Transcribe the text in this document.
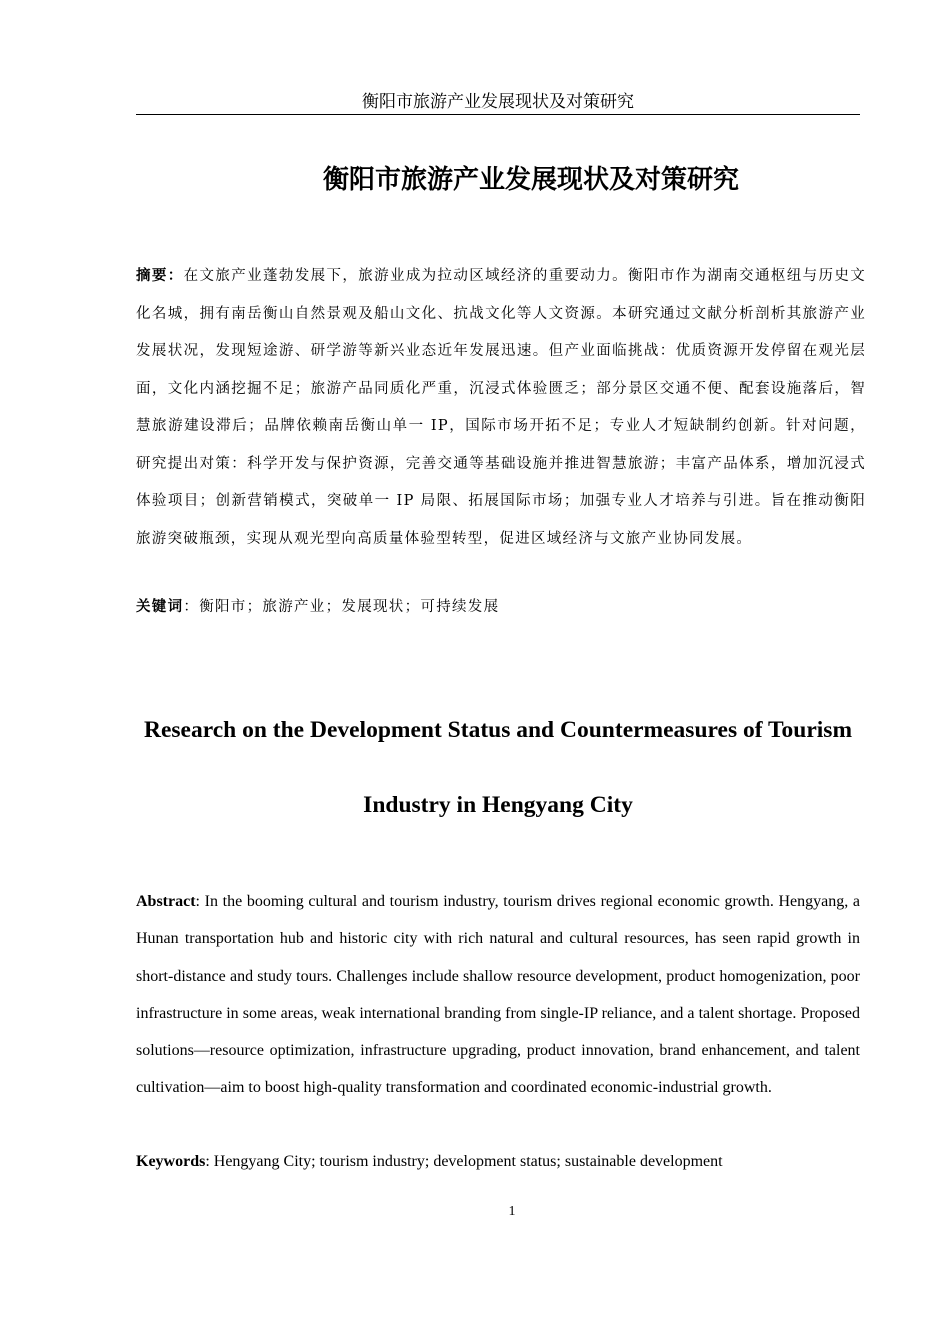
衡阳市旅游产业发展现状及对策研究
衡阳市旅游产业发展现状及对策研究
摘要：在文旅产业蓬勃发展下，旅游业成为拉动区域经济的重要动力。衡阳市作为湖南交通枢纽与历史文化名城，拥有南岳衡山自然景观及船山文化、抗战文化等人文资源。本研究通过文献分析剖析其旅游产业发展状况，发现短途游、研学游等新兴业态近年发展迅速。但产业面临挑战：优质资源开发停留在观光层面，文化内涵挖掘不足；旅游产品同质化严重，沉浸式体验匮乏；部分景区交通不便、配套设施落后，智慧旅游建设滞后；品牌依赖南岳衡山单一 IP，国际市场开拓不足；专业人才短缺制约创新。针对问题，研究提出对策：科学开发与保护资源，完善交通等基础设施并推进智慧旅游；丰富产品体系，增加沉浸式体验项目；创新营销模式，突破单一 IP 局限、拓展国际市场；加强专业人才培养与引进。旨在推动衡阳旅游突破瓶颈，实现从观光型向高质量体验型转型，促进区域经济与文旅产业协同发展。
关键词：衡阳市；旅游产业；发展现状；可持续发展
Research on the Development Status and Countermeasures of Tourism Industry in Hengyang City
Abstract: In the booming cultural and tourism industry, tourism drives regional economic growth. Hengyang, a Hunan transportation hub and historic city with rich natural and cultural resources, has seen rapid growth in short-distance and study tours. Challenges include shallow resource development, product homogenization, poor infrastructure in some areas, weak international branding from single-IP reliance, and a talent shortage. Proposed solutions—resource optimization, infrastructure upgrading, product innovation, brand enhancement, and talent cultivation—aim to boost high-quality transformation and coordinated economic-industrial growth.
Keywords: Hengyang City; tourism industry; development status; sustainable development
1
